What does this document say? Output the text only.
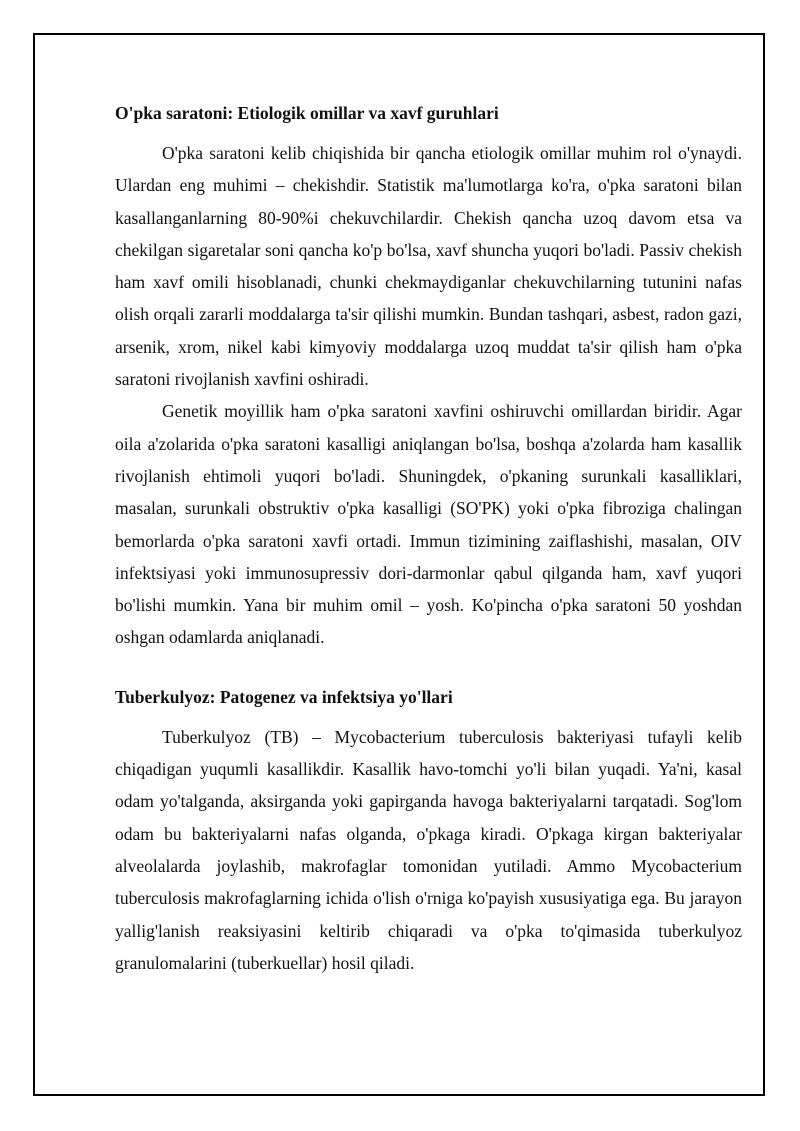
O'pka saratoni: Etiologik omillar va xavf guruhlari

O'pka saratoni kelib chiqishida bir qancha etiologik omillar muhim rol o'ynaydi. Ulardan eng muhimi – chekishdir. Statistik ma'lumotlarga ko'ra, o'pka saratoni bilan kasallanganlarning 80-90%i chekuvchilardir. Chekish qancha uzoq davom etsa va chekilgan sigaretalar soni qancha ko'p bo'lsa, xavf shuncha yuqori bo'ladi. Passiv chekish ham xavf omili hisoblanadi, chunki chekmaydiganlar chekuvchilarning tutunini nafas olish orqali zararli moddalarga ta'sir qilishi mumkin. Bundan tashqari, asbest, radon gazi, arsenik, xrom, nikel kabi kimyoviy moddalarga uzoq muddat ta'sir qilish ham o'pka saratoni rivojlanish xavfini oshiradi.

Genetik moyillik ham o'pka saratoni xavfini oshiruvchi omillardan biridir. Agar oila a'zolarida o'pka saratoni kasalligi aniqlangan bo'lsa, boshqa a'zolarda ham kasallik rivojlanish ehtimoli yuqori bo'ladi. Shuningdek, o'pkaning surunkali kasalliklari, masalan, surunkali obstruktiv o'pka kasalligi (SO'PK) yoki o'pka fibroziga chalingan bemorlarda o'pka saratoni xavfi ortadi. Immun tizimining zaiflashishi, masalan, OIV infektsiyasi yoki immunosupressiv dori-darmonlar qabul qilganda ham, xavf yuqori bo'lishi mumkin. Yana bir muhim omil – yosh. Ko'pincha o'pka saratoni 50 yoshdan oshgan odamlarda aniqlanadi.

Tuberkulyoz: Patogenez va infektsiya yo'llari

Tuberkulyoz (TB) – Mycobacterium tuberculosis bakteriyasi tufayli kelib chiqadigan yuqumli kasallikdir. Kasallik havo-tomchi yo'li bilan yuqadi. Ya'ni, kasal odam yo'talganda, aksirganda yoki gapirganda havoga bakteriyalarni tarqatadi. Sog'lom odam bu bakteriyalarni nafas olganda, o'pkaga kiradi. O'pkaga kirgan bakteriyalar alveolalarda joylashib, makrofaglar tomonidan yutiladi. Ammo Mycobacterium tuberculosis makrofaglarning ichida o'lish o'rniga ko'payish xususiyatiga ega. Bu jarayon yallig'lanish reaksiyasini keltirib chiqaradi va o'pka to'qimasida tuberkulyoz granulomalarini (tuberkuellar) hosil qiladi.
